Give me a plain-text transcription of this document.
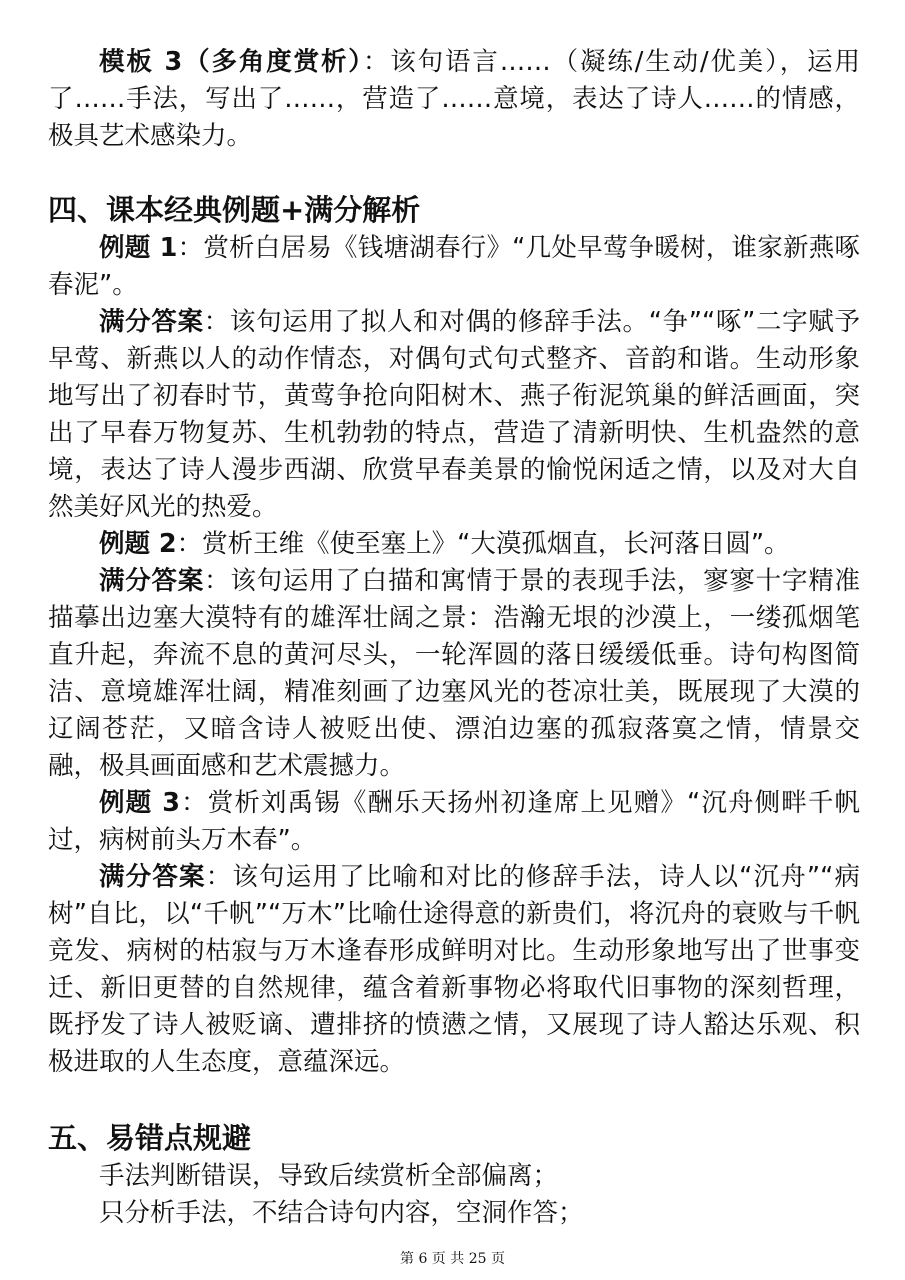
模板 3（多角度赏析）：该句语言……（凝练/生动/优美），运用了……手法，写出了……，营造了……意境，表达了诗人……的情感，极具艺术感染力。

四、课本经典例题+满分解析

例题 1：赏析白居易《钱塘湖春行》“几处早莺争暖树，谁家新燕啄春泥”。

满分答案：该句运用了拟人和对偶的修辞手法。“争”“啄”二字赋予早莺、新燕以人的动作情态，对偶句式句式整齐、音韵和谐。生动形象地写出了初春时节，黄莺争抢向阳树木、燕子衔泥筑巢的鲜活画面，突出了早春万物复苏、生机勃勃的特点，营造了清新明快、生机盎然的意境，表达了诗人漫步西湖、欣赏早春美景的愉悦闲适之情，以及对大自然美好风光的热爱。

例题 2：赏析王维《使至塞上》“大漠孤烟直，长河落日圆”。

满分答案：该句运用了白描和寓情于景的表现手法，寥寥十字精准描摹出边塞大漠特有的雄浑壮阔之景：浩瀚无垠的沙漠上，一缕孤烟笔直升起，奔流不息的黄河尽头，一轮浑圆的落日缓缓低垂。诗句构图简洁、意境雄浑壮阔，精准刻画了边塞风光的苍凉壮美，既展现了大漠的辽阔苍茫，又暗含诗人被贬出使、漂泊边塞的孤寂落寞之情，情景交融，极具画面感和艺术震撼力。

例题 3：赏析刘禹锡《酬乐天扬州初逢席上见赠》“沉舟侧畔千帆过，病树前头万木春”。

满分答案：该句运用了比喻和对比的修辞手法，诗人以“沉舟”“病树”自比，以“千帆”“万木”比喻仕途得意的新贵们，将沉舟的衰败与千帆竞发、病树的枯寂与万木逢春形成鲜明对比。生动形象地写出了世事变迁、新旧更替的自然规律，蕴含着新事物必将取代旧事物的深刻哲理，既抒发了诗人被贬谪、遭排挤的愤懑之情，又展现了诗人豁达乐观、积极进取的人生态度，意蕴深远。

五、易错点规避

手法判断错误，导致后续赏析全部偏离；

只分析手法，不结合诗句内容，空洞作答；

第 6 页 共 25 页
